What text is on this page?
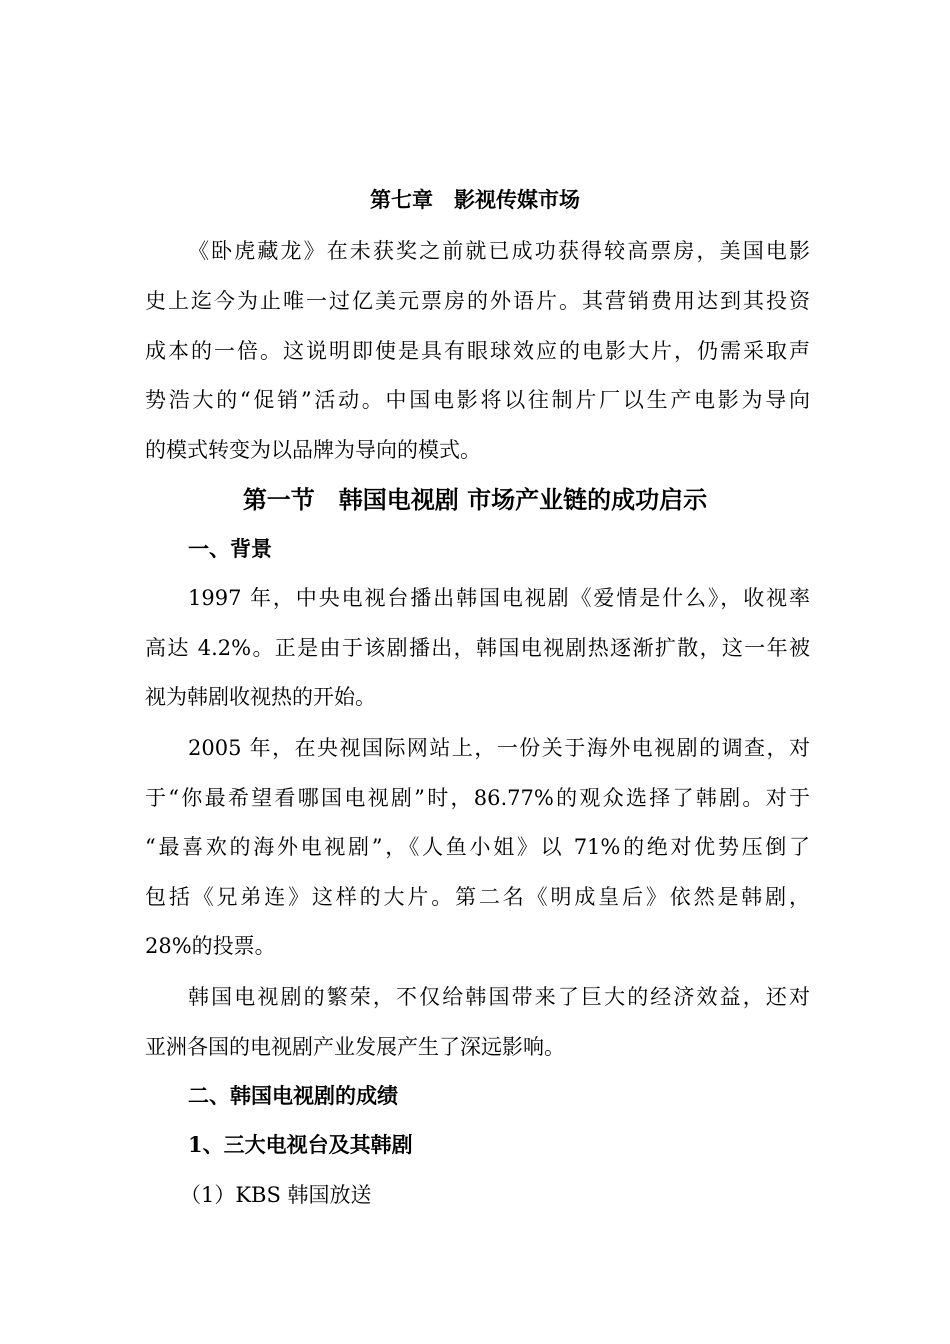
第七章　影视传媒市场
《卧虎藏龙》在未获奖之前就已成功获得较高票房，美国电影
史上迄今为止唯一过亿美元票房的外语片。其营销费用达到其投资
成本的一倍。这说明即使是具有眼球效应的电影大片，仍需采取声
势浩大的“促销”活动。中国电影将以往制片厂以生产电影为导向
的模式转变为以品牌为导向的模式。
第一节　韩国电视剧 市场产业链的成功启示
一、背景
1997 年，中央电视台播出韩国电视剧《爱情是什么》，收视率
高达 4.2%。正是由于该剧播出，韩国电视剧热逐渐扩散，这一年被
视为韩剧收视热的开始。
2005 年，在央视国际网站上，一份关于海外电视剧的调查，对
于“你最希望看哪国电视剧”时，86.77%的观众选择了韩剧。对于
“最喜欢的海外电视剧”，《人鱼小姐》以 71%的绝对优势压倒了
包括《兄弟连》这样的大片。第二名《明成皇后》依然是韩剧，
28%的投票。
韩国电视剧的繁荣，不仅给韩国带来了巨大的经济效益，还对
亚洲各国的电视剧产业发展产生了深远影响。
二、韩国电视剧的成绩
1、三大电视台及其韩剧
（1）KBS 韩国放送
